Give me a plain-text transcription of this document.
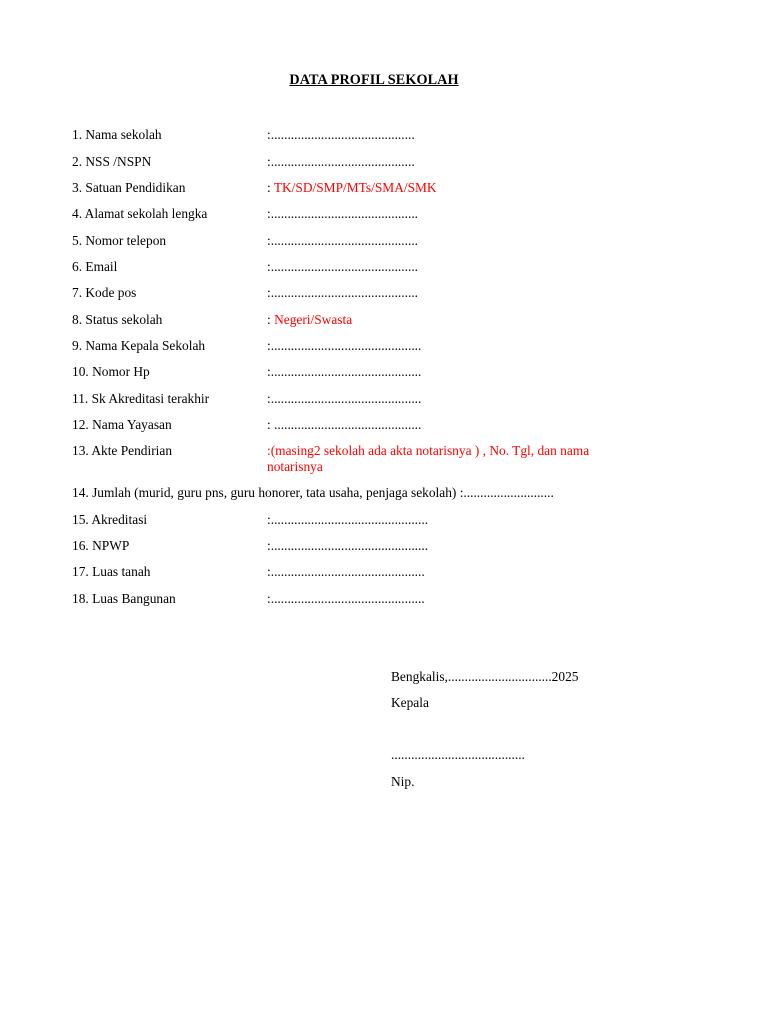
DATA PROFIL SEKOLAH
1. Nama sekolah	:...........................................
2. NSS /NSPN	:...........................................
3. Satuan Pendidikan	: TK/SD/SMP/MTs/SMA/SMK
4. Alamat sekolah lengka	:............................................
5. Nomor telepon	:............................................
6. Email	:............................................
7. Kode pos	:............................................
8. Status sekolah	: Negeri/Swasta
9. Nama Kepala Sekolah	:.............................................
10. Nomor Hp	:.............................................
11. Sk Akreditasi terakhir	:.............................................
12. Nama Yayasan	: ............................................
13. Akte Pendirian	:(masing2 sekolah ada akta notarisnya ) , No. Tgl, dan nama notarisnya
14. Jumlah (murid, guru pns, guru honorer, tata usaha, penjaga sekolah) :...........................
15. Akreditasi	:...............................................
16. NPWP	:...............................................
17. Luas tanah	:..............................................
18. Luas Bangunan	:..............................................
Bengkalis,...............................2025
Kepala
........................................
Nip.
